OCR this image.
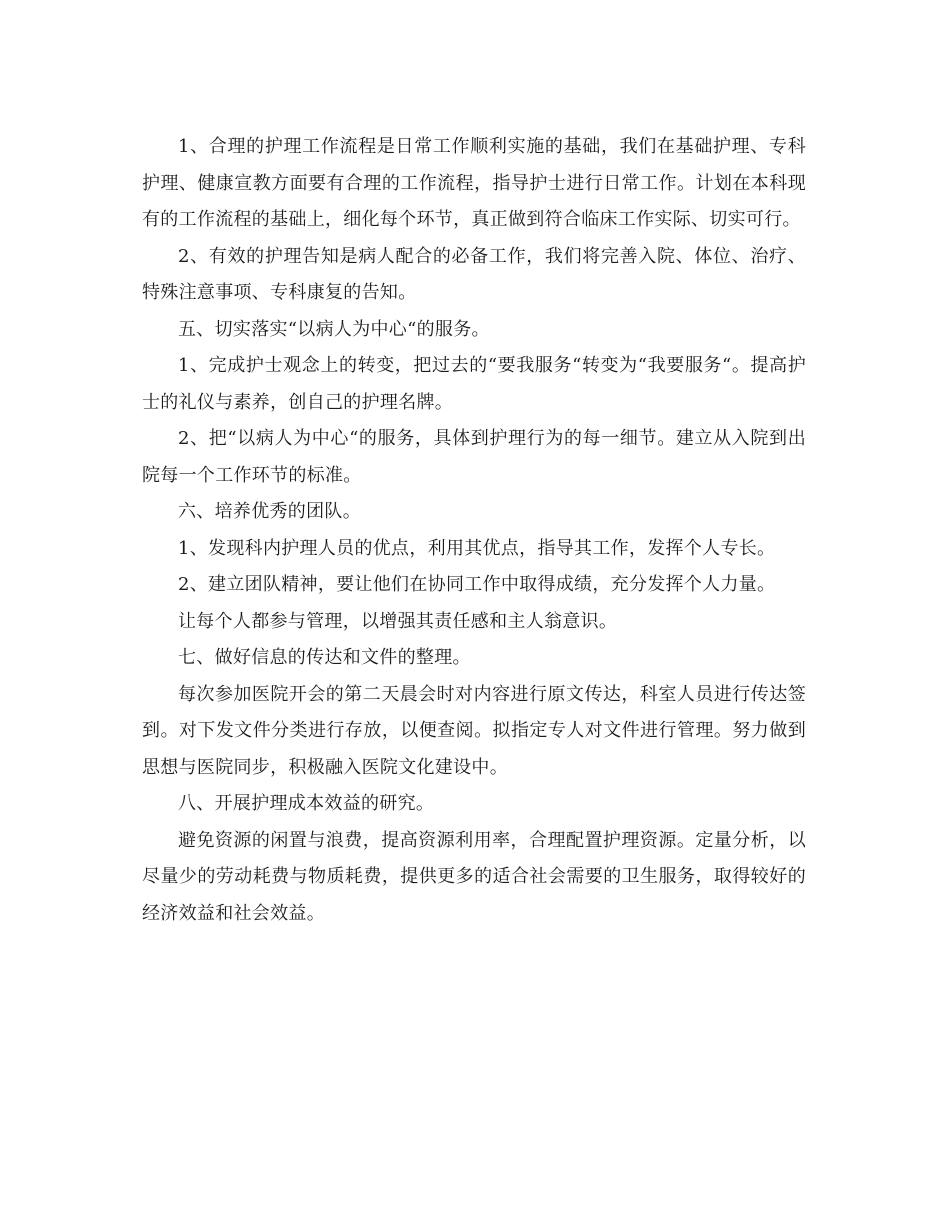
1、合理的护理工作流程是日常工作顺利实施的基础，我们在基础护理、专科护理、健康宣教方面要有合理的工作流程，指导护士进行日常工作。计划在本科现有的工作流程的基础上，细化每个环节，真正做到符合临床工作实际、切实可行。

2、有效的护理告知是病人配合的必备工作，我们将完善入院、体位、治疗、特殊注意事项、专科康复的告知。

五、切实落实“以病人为中心“的服务。

1、完成护士观念上的转变，把过去的“要我服务“转变为“我要服务“。提高护士的礼仪与素养，创自己的护理名牌。

2、把“以病人为中心“的服务，具体到护理行为的每一细节。建立从入院到出院每一个工作环节的标准。

六、培养优秀的团队。

1、发现科内护理人员的优点，利用其优点，指导其工作，发挥个人专长。

2、建立团队精神，要让他们在协同工作中取得成绩，充分发挥个人力量。

让每个人都参与管理，以增强其责任感和主人翁意识。

七、做好信息的传达和文件的整理。

每次参加医院开会的第二天晨会时对内容进行原文传达，科室人员进行传达签到。对下发文件分类进行存放，以便查阅。拟指定专人对文件进行管理。努力做到思想与医院同步，积极融入医院文化建设中。

八、开展护理成本效益的研究。

避免资源的闲置与浪费，提高资源利用率，合理配置护理资源。定量分析，以尽量少的劳动耗费与物质耗费，提供更多的适合社会需要的卫生服务，取得较好的经济效益和社会效益。
